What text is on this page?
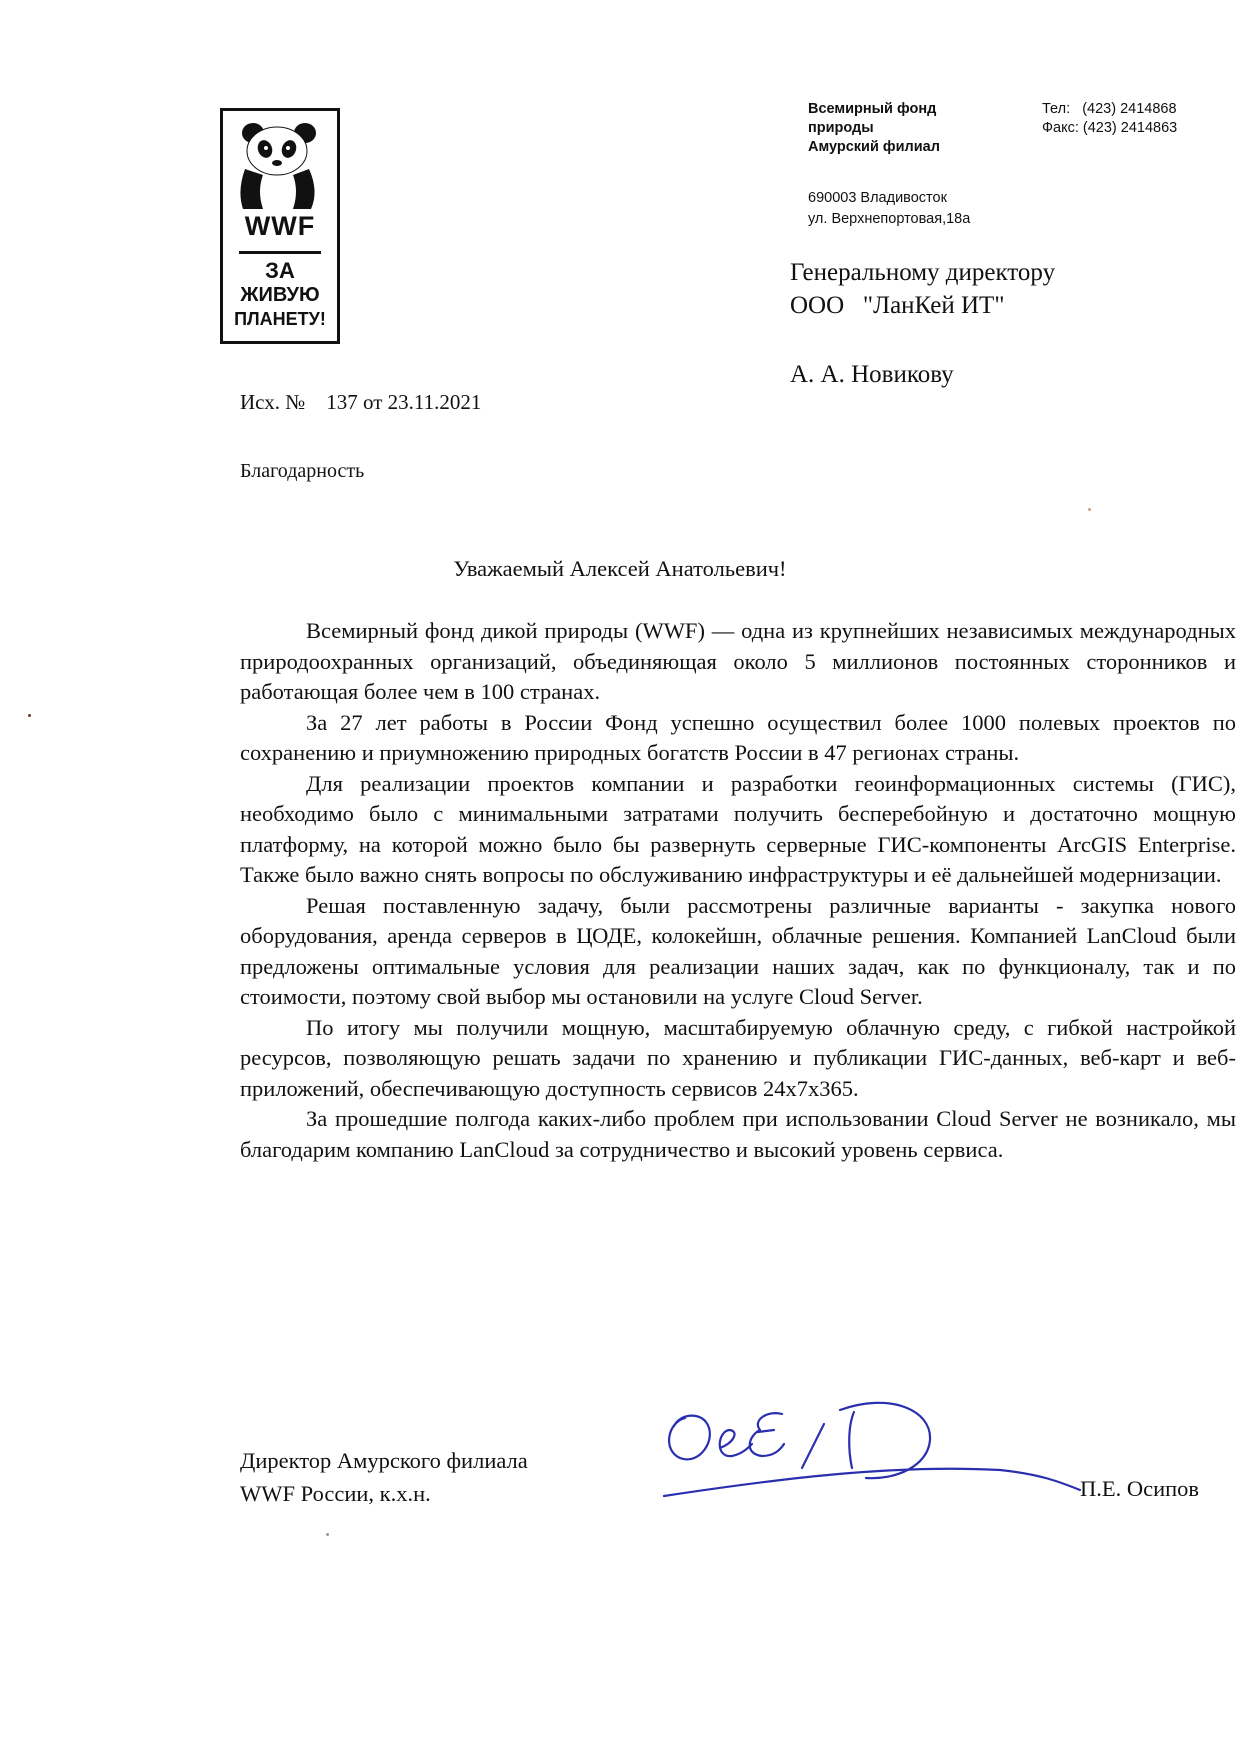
WWF
ЗА
ЖИВУЮ
ПЛАНЕТУ!
Всемирный фонд
природы
Амурский филиал
690003 Владивосток
ул. Верхнепортовая,18а
Тел:   (423) 2414868
Факс: (423) 2414863
Генеральному директору
ООО   "ЛанКей ИТ"
А. А. Новикову
Исх. №    137 от 23.11.2021
Благодарность
Уважаемый Алексей Анатольевич!

Всемирный фонд дикой природы (WWF) — одна из крупнейших независимых международных природоохранных организаций, объединяющая около 5 миллионов постоянных сторонников и работающая более чем в 100 странах.

За 27 лет работы в России Фонд успешно осуществил более 1000 полевых проектов по сохранению и приумножению природных богатств России в 47 регионах страны.

Для реализации проектов компании и разработки геоинформационных системы (ГИС), необходимо было с минимальными затратами получить бесперебойную и достаточно мощную платформу, на которой можно было бы развернуть серверные ГИС-компоненты ArcGIS Enterprise. Также было важно снять вопросы по обслуживанию инфраструктуры и её дальнейшей модернизации.

Решая поставленную задачу, были рассмотрены различные варианты - закупка нового оборудования, аренда серверов в ЦОДЕ, колокейшн, облачные решения. Компанией LanCloud были предложены оптимальные условия для реализации наших задач, как по функционалу, так и по стоимости, поэтому свой выбор мы остановили на услуге Cloud Server.

По итогу мы получили мощную, масштабируемую облачную среду, с гибкой настройкой ресурсов, позволяющую решать задачи по хранению и публикации ГИС-данных, веб-карт и веб-приложений, обеспечивающую доступность сервисов 24x7x365.

За прошедшие полгода каких-либо проблем при использовании Cloud Server не возникало, мы благодарим компанию LanCloud за сотрудничество и высокий уровень сервиса.

Директор Амурского филиала
WWF России, к.х.н.	П.Е. Осипов
